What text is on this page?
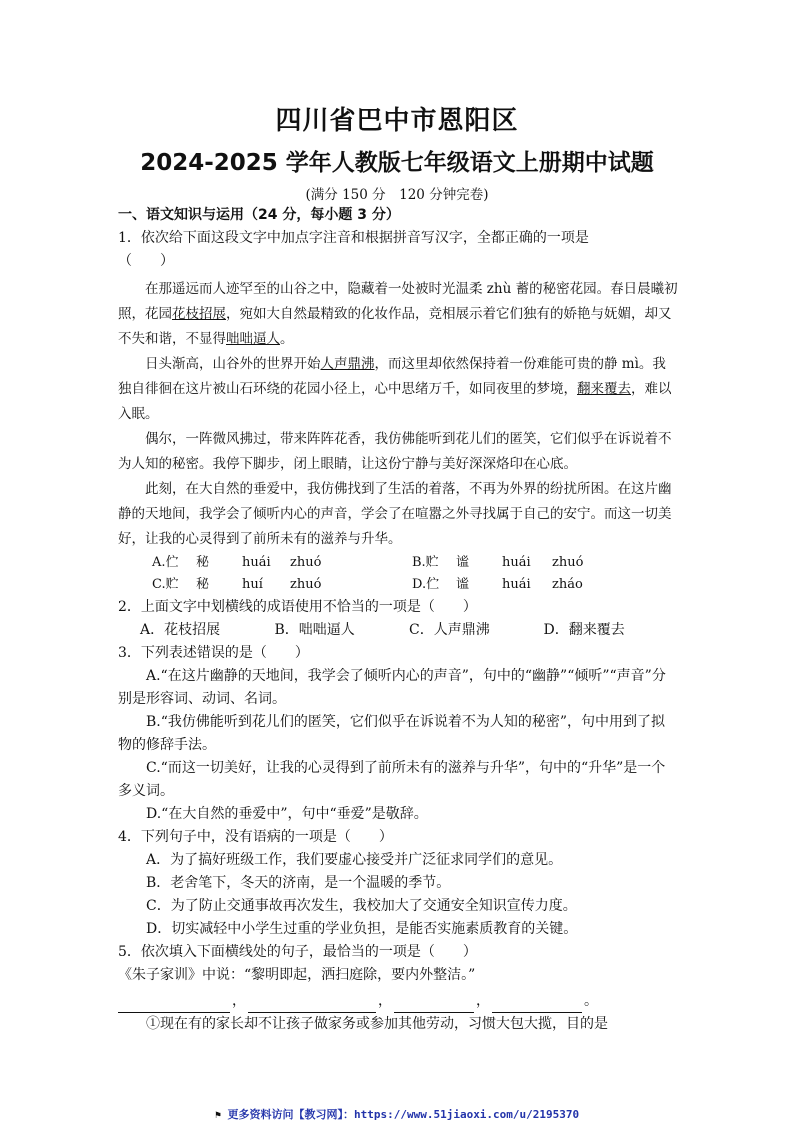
四川省巴中市恩阳区
2024-2025 学年人教版七年级语文上册期中试题
(满分 150 分　120 分钟完卷)
一、语文知识与运用（24 分，每小题 3 分）
1．依次给下面这段文字中加点字注音和根据拼音写汉字，全都正确的一项是
（　　）

在那遥远而人迹罕至的山谷之中，隐藏着一处被时光温柔 zhù 蓄的秘密花园。春日晨曦初照，花园花枝招展，宛如大自然最精致的化妆作品，竞相展示着它们独有的娇艳与妩媚，却又不失和谐，不显得咄咄逼人。

日头渐高，山谷外的世界开始人声鼎沸，而这里却依然保持着一份难能可贵的静 mì。我独自徘徊在这片被山石环绕的花园小径上，心中思绪万千，如同夜里的梦境，翻来覆去，难以入眠。

偶尔，一阵微风拂过，带来阵阵花香，我仿佛能听到花儿们的匿笑，它们似乎在诉说着不为人知的秘密。我停下脚步，闭上眼睛，让这份宁静与美好深深烙印在心底。

此刻，在大自然的垂爱中，我仿佛找到了生活的着落，不再为外界的纷扰所困。在这片幽静的天地间，我学会了倾听内心的声音，学会了在喧嚣之外寻找属于自己的安宁。而这一切美好，让我的心灵得到了前所未有的滋养与升华。

A.伫	秘	huái	zhuó	B.贮	谧	huái	zhuó
C.贮	秘	huí	zhuó	D.伫	谧	huái	zháo
2．上面文字中划横线的成语使用不恰当的一项是（　　）
A．花枝招展	B．咄咄逼人	C．人声鼎沸	D．翻来覆去
3．下列表述错误的是（　　）
A.“在这片幽静的天地间，我学会了倾听内心的声音”，句中的“幽静”“倾听”“声音”分别是形容词、动词、名词。
B.“我仿佛能听到花儿们的匿笑，它们似乎在诉说着不为人知的秘密”，句中用到了拟物的修辞手法。
C.“而这一切美好，让我的心灵得到了前所未有的滋养与升华”，句中的“升华”是一个多义词。
D.“在大自然的垂爱中”，句中“垂爱”是敬辞。
4．下列句子中，没有语病的一项是（　　）
A．为了搞好班级工作，我们要虚心接受并广泛征求同学们的意见。
B．老舍笔下，冬天的济南，是一个温暖的季节。
C．为了防止交通事故再次发生，我校加大了交通安全知识宣传力度。
D．切实减轻中小学生过重的学业负担，是能否实施素质教育的关键。
5．依次填入下面横线处的句子，最恰当的一项是（　　）
《朱子家训》中说：“黎明即起，洒扫庭除，要内外整洁。”
，	，	，	。
①现在有的家长却不让孩子做家务或参加其他劳动，习惯大包大揽，目的是
⚑ 更多资料访问【教习网】：https://www.51jiaoxi.com/u/2195370
